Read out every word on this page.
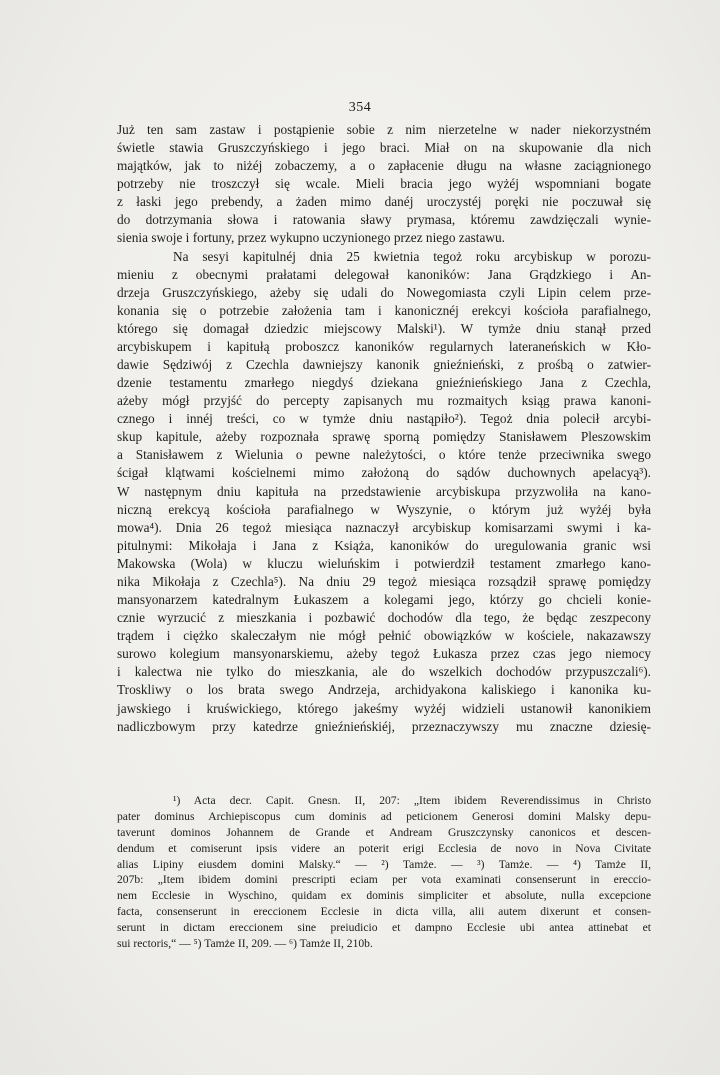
354
Już ten sam zastaw i postąpienie sobie z nim nierzetelne w nader niekorzystném
świetle stawia Gruszczyńskiego i jego braci. Miał on na skupowanie dla nich
majątków, jak to niżéj zobaczemy, a o zapłacenie długu na własne zaciągnionego
potrzeby nie troszczył się wcale. Mieli bracia jego wyżéj wspomniani bogate
z łaski jego prebendy, a żaden mimo danéj uroczystéj poręki nie poczuwał się
do dotrzymania słowa i ratowania sławy prymasa, któremu zawdzięczali wynie-
sienia swoje i fortuny, przez wykupno uczynionego przez niego zastawu.
Na sesyi kapitulnéj dnia 25 kwietnia tegoż roku arcybiskup w porozu-
mieniu z obecnymi prałatami delegował kanoników: Jana Grądzkiego i An-
drzeja Gruszczyńskiego, ażeby się udali do Nowegomiasta czyli Lipin celem prze-
konania się o potrzebie założenia tam i kanonicznéj erekcyi kościoła parafialnego,
którego się domagał dziedzic miejscowy Malski¹). W tymże dniu stanął przed
arcybiskupem i kapitułą proboszcz kanoników regularnych lateraneńskich w Kło-
dawie Sędziwój z Czechla dawniejszy kanonik gnieźnieński, z prośbą o zatwier-
dzenie testamentu zmarłego niegdyś dziekana gnieźnieńskiego Jana z Czechla,
ażeby mógł przyjść do percepty zapisanych mu rozmaitych ksiąg prawa kanoni-
cznego i innéj treści, co w tymże dniu nastąpiło²). Tegoż dnia polecił arcybi-
skup kapitule, ażeby rozpoznała sprawę sporną pomiędzy Stanisławem Pleszowskim
a Stanisławem z Wielunia o pewne należytości, o które tenże przeciwnika swego
ścigał klątwami kościelnemi mimo założoną do sądów duchownych apelacyą³).
W następnym dniu kapituła na przedstawienie arcybiskupa przyzwoliła na kano-
niczną erekcyą kościoła parafialnego w Wyszynie, o którym już wyżéj była
mowa⁴). Dnia 26 tegoż miesiąca naznaczył arcybiskup komisarzami swymi i ka-
pitulnymi: Mikołaja i Jana z Książa, kanoników do uregulowania granic wsi
Makowska (Wola) w kluczu wieluńskim i potwierdził testament zmarłego kano-
nika Mikołaja z Czechla⁵). Na dniu 29 tegoż miesiąca rozsądził sprawę pomiędzy
mansyonarzem katedralnym Łukaszem a kolegami jego, którzy go chcieli konie-
cznie wyrzucić z mieszkania i pozbawić dochodów dla tego, że będąc zeszpecony
trądem i ciężko skaleczałym nie mógł pełnić obowiązków w kościele, nakazawszy
surowo kolegium mansyonarskiemu, ażeby tegoż Łukasza przez czas jego niemocy
i kalectwa nie tylko do mieszkania, ale do wszelkich dochodów przypuszczali⁶).
Troskliwy o los brata swego Andrzeja, archidyakona kaliskiego i kanonika ku-
jawskiego i kruświckiego, którego jakeśmy wyżéj widzieli ustanowił kanonikiem
nadliczbowym przy katedrze gnieźnieńskiéj, przeznaczywszy mu znaczne dziesię-
¹) Acta decr. Capit. Gnesn. II, 207: „Item ibidem Reverendissimus in Christo
pater dominus Archiepiscopus cum dominis ad peticionem Generosi domini Malsky depu-
taverunt dominos Johannem de Grande et Andream Gruszczynsky canonicos et descen-
dendum et comiserunt ipsis videre an poterit erigi Ecclesia de novo in Nova Civitate
alias Lipiny eiusdem domini Malsky.“ — ²) Tamże. — ³) Tamże. — ⁴) Tamże II,
207b: „Item ibidem domini prescripti eciam per vota examinati consenserunt in ereccio-
nem Ecclesie in Wyschino, quidam ex dominis simpliciter et absolute, nulla excepcione
facta, consenserunt in ereccionem Ecclesie in dicta villa, alii autem dixerunt et consen-
serunt in dictam ereccionem sine preiudicio et dampno Ecclesie ubi antea attinebat et
sui rectoris,“ — ⁵) Tamże II, 209. — ⁶) Tamże II, 210b.
